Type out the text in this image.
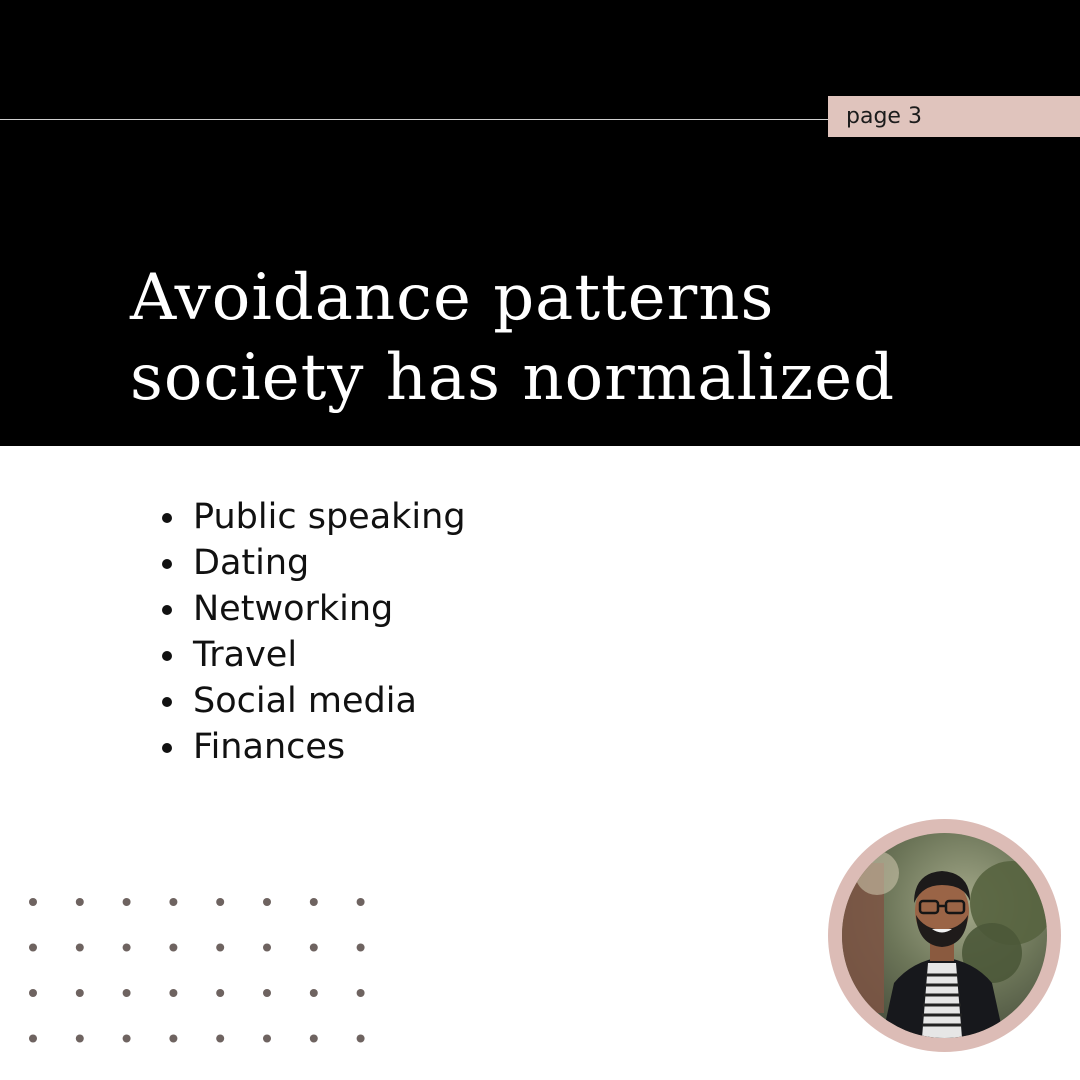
page 3
Avoidance patterns
society has normalized
Public speaking
Dating
Networking
Travel
Social media
Finances
